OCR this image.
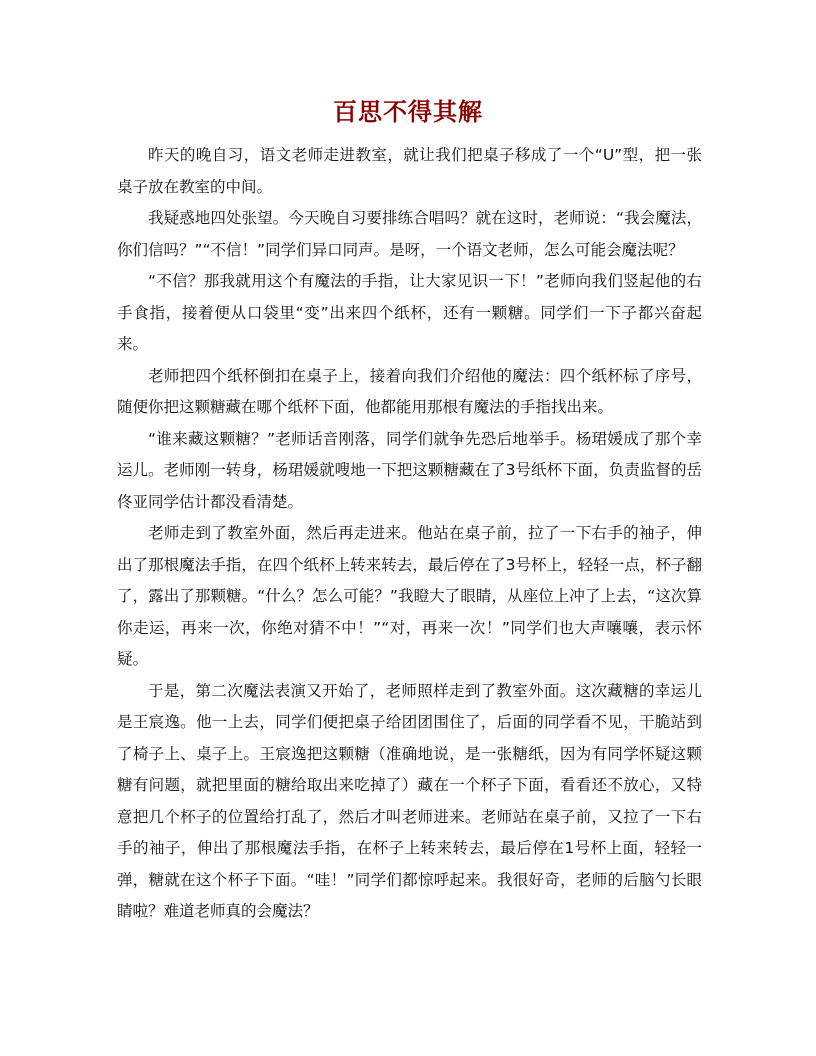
百思不得其解

昨天的晚自习，语文老师走进教室，就让我们把桌子移成了一个“U”型，把一张桌子放在教室的中间。

我疑惑地四处张望。今天晚自习要排练合唱吗？就在这时，老师说：“我会魔法，你们信吗？”“不信！”同学们异口同声。是呀，一个语文老师，怎么可能会魔法呢？

“不信？那我就用这个有魔法的手指，让大家见识一下！”老师向我们竖起他的右手食指，接着便从口袋里“变”出来四个纸杯，还有一颗糖。同学们一下子都兴奋起来。

老师把四个纸杯倒扣在桌子上，接着向我们介绍他的魔法：四个纸杯标了序号，随便你把这颗糖藏在哪个纸杯下面，他都能用那根有魔法的手指找出来。

“谁来藏这颗糖？”老师话音刚落，同学们就争先恐后地举手。杨珺媛成了那个幸运儿。老师刚一转身，杨珺媛就嗖地一下把这颗糖藏在了3号纸杯下面，负责监督的岳佟亚同学估计都没看清楚。

老师走到了教室外面，然后再走进来。他站在桌子前，拉了一下右手的袖子，伸出了那根魔法手指，在四个纸杯上转来转去，最后停在了3号杯上，轻轻一点，杯子翻了，露出了那颗糖。“什么？怎么可能？”我瞪大了眼睛，从座位上冲了上去，“这次算你走运，再来一次，你绝对猜不中！”“对，再来一次！”同学们也大声嚷嚷，表示怀疑。

于是，第二次魔法表演又开始了，老师照样走到了教室外面。这次藏糖的幸运儿是王宸逸。他一上去，同学们便把桌子给团团围住了，后面的同学看不见，干脆站到了椅子上、桌子上。王宸逸把这颗糖（准确地说，是一张糖纸，因为有同学怀疑这颗糖有问题，就把里面的糖给取出来吃掉了）藏在一个杯子下面，看看还不放心，又特意把几个杯子的位置给打乱了，然后才叫老师进来。老师站在桌子前，又拉了一下右手的袖子，伸出了那根魔法手指，在杯子上转来转去，最后停在1号杯上面，轻轻一弹，糖就在这个杯子下面。“哇！”同学们都惊呼起来。我很好奇，老师的后脑勺长眼睛啦？难道老师真的会魔法？
